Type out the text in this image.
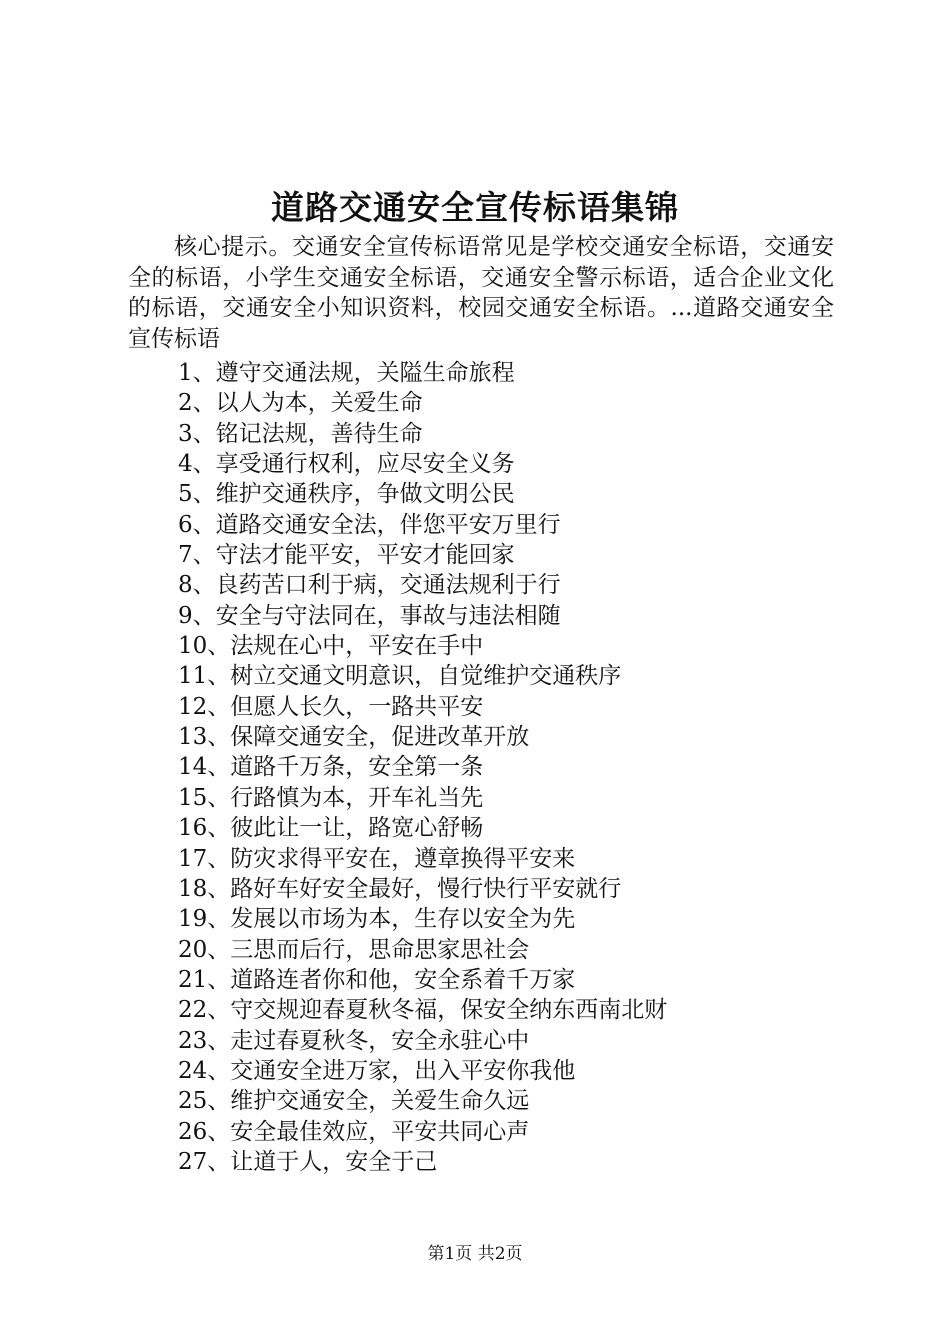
道路交通安全宣传标语集锦

核心提示。交通安全宣传标语常见是学校交通安全标语，交通安全的标语，小学生交通安全标语，交通安全警示标语，适合企业文化的标语，交通安全小知识资料，校园交通安全标语。...道路交通安全宣传标语

1、遵守交通法规，关隘生命旅程
2、以人为本，关爱生命
3、铭记法规，善待生命
4、享受通行权利，应尽安全义务
5、维护交通秩序，争做文明公民
6、道路交通安全法，伴您平安万里行
7、守法才能平安，平安才能回家
8、良药苦口利于病，交通法规利于行
9、安全与守法同在，事故与违法相随
10、法规在心中，平安在手中
11、树立交通文明意识，自觉维护交通秩序
12、但愿人长久，一路共平安
13、保障交通安全，促进改革开放
14、道路千万条，安全第一条
15、行路慎为本，开车礼当先
16、彼此让一让，路宽心舒畅
17、防灾求得平安在，遵章换得平安来
18、路好车好安全最好，慢行快行平安就行
19、发展以市场为本，生存以安全为先
20、三思而后行，思命思家思社会
21、道路连者你和他，安全系着千万家
22、守交规迎春夏秋冬福，保安全纳东西南北财
23、走过春夏秋冬，安全永驻心中
24、交通安全进万家，出入平安你我他
25、维护交通安全，关爱生命久远
26、安全最佳效应，平安共同心声
27、让道于人，安全于己
第1页 共2页
